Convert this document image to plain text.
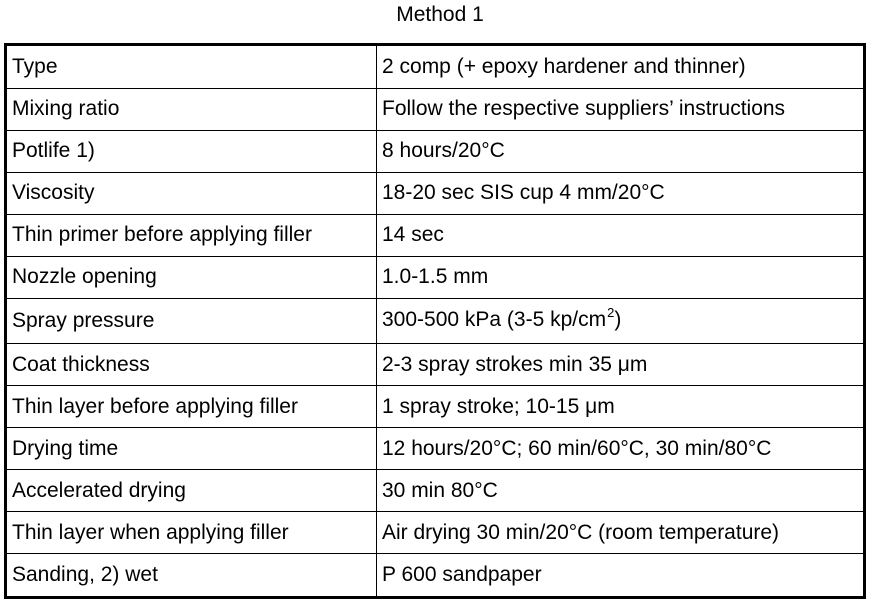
Method 1
Type	2 comp (+ epoxy hardener and thinner)
Mixing ratio	Follow the respective suppliers’ instructions
Potlife 1)	8 hours/20°C
Viscosity	18-20 sec SIS cup 4 mm/20°C
Thin primer before applying filler	14 sec
Nozzle opening	1.0-1.5 mm
Spray pressure	300-500 kPa (3-5 $kp/cm^2$)
Coat thickness	2-3 spray strokes min 35 μm
Thin layer before applying filler	1 spray stroke; 10-15 μm
Drying time	12 hours/20°C; 60 min/60°C, 30 min/80°C
Accelerated drying	30 min 80°C
Thin layer when applying filler	Air drying 30 min/20°C (room temperature)
Sanding, 2) wet	P 600 sandpaper
